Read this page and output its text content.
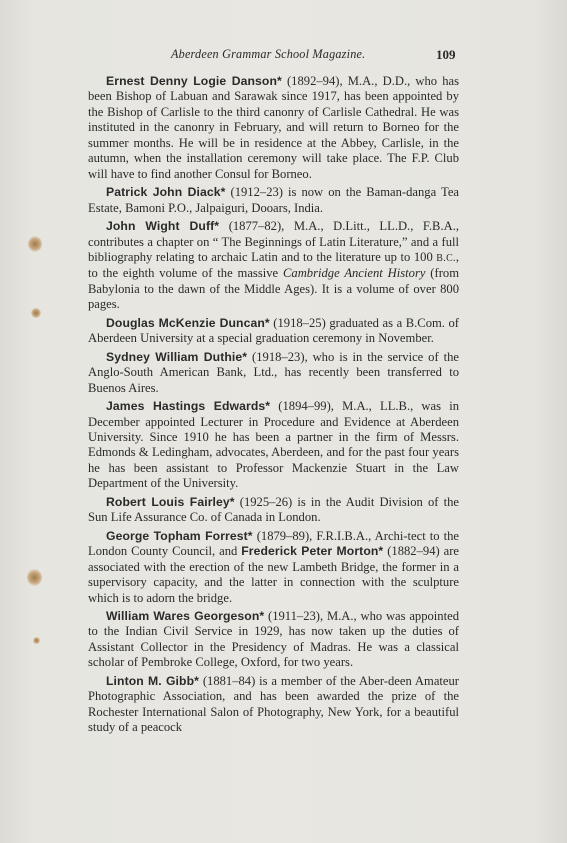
Aberdeen Grammar School Magazine.	109

Ernest Denny Logie Danson* (1892–94), M.A., D.D., who has been Bishop of Labuan and Sarawak since 1917, has been appointed by the Bishop of Carlisle to the third canonry of Carlisle Cathedral. He was instituted in the canonry in February, and will return to Borneo for the summer months. He will be in residence at the Abbey, Carlisle, in the autumn, when the installation ceremony will take place. The F.P. Club will have to find another Consul for Borneo.

Patrick John Diack* (1912–23) is now on the Baman-danga Tea Estate, Bamoni P.O., Jalpaiguri, Dooars, India.

John Wight Duff* (1877–82), M.A., D.Litt., LL.D., F.B.A., contributes a chapter on “ The Beginnings of Latin Literature,” and a full bibliography relating to archaic Latin and to the literature up to 100 B.C., to the eighth volume of the massive Cambridge Ancient History (from Babylonia to the dawn of the Middle Ages). It is a volume of over 800 pages.

Douglas McKenzie Duncan* (1918–25) graduated as a B.Com. of Aberdeen University at a special graduation ceremony in November.

Sydney William Duthie* (1918–23), who is in the service of the Anglo-South American Bank, Ltd., has recently been transferred to Buenos Aires.

James Hastings Edwards* (1894–99), M.A., LL.B., was in December appointed Lecturer in Procedure and Evidence at Aberdeen University. Since 1910 he has been a partner in the firm of Messrs. Edmonds & Ledingham, advocates, Aberdeen, and for the past four years he has been assistant to Professor Mackenzie Stuart in the Law Department of the University.

Robert Louis Fairley* (1925–26) is in the Audit Division of the Sun Life Assurance Co. of Canada in London.

George Topham Forrest* (1879–89), F.R.I.B.A., Archi-tect to the London County Council, and Frederick Peter Morton* (1882–94) are associated with the erection of the new Lambeth Bridge, the former in a supervisory capacity, and the latter in connection with the sculpture which is to adorn the bridge.

William Wares Georgeson* (1911–23), M.A., who was appointed to the Indian Civil Service in 1929, has now taken up the duties of Assistant Collector in the Presidency of Madras. He was a classical scholar of Pembroke College, Oxford, for two years.

Linton M. Gibb* (1881–84) is a member of the Aber-deen Amateur Photographic Association, and has been awarded the prize of the Rochester International Salon of Photography, New York, for a beautiful study of a peacock
